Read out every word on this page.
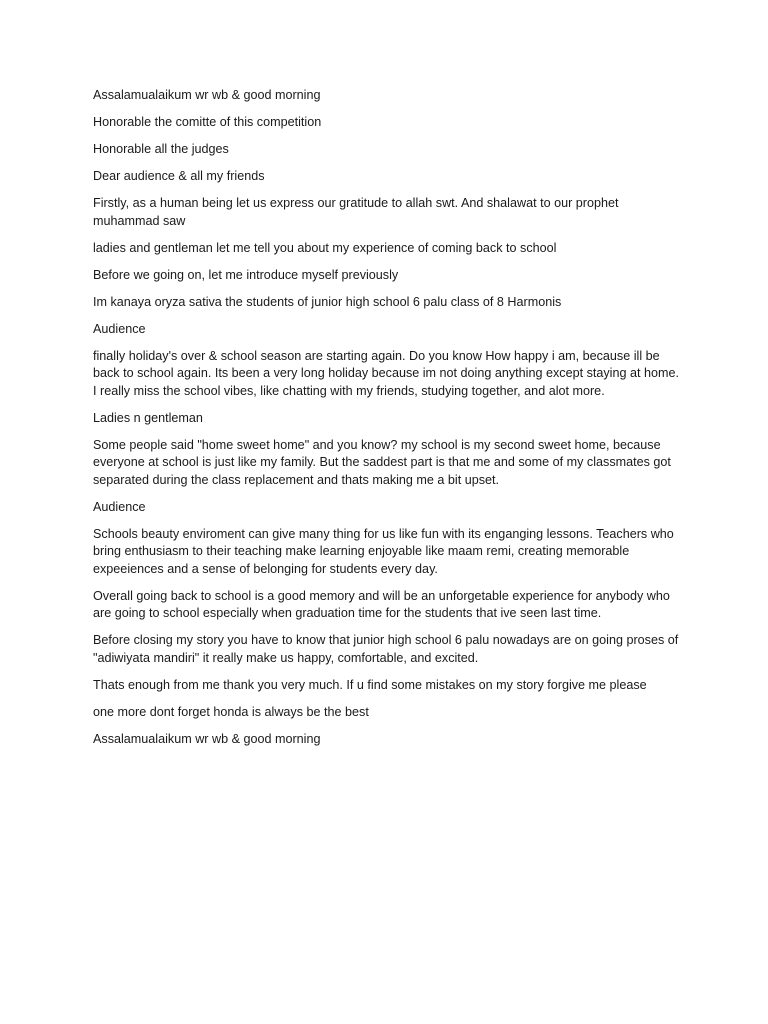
Assalamualaikum wr wb & good morning

Honorable the comitte of this competition

Honorable all the judges

Dear audience & all my friends

Firstly, as a human being let us express our gratitude to allah swt. And shalawat to our prophet muhammad saw

ladies and gentleman let me tell you about my experience of coming back to school

Before we going on, let me introduce myself previously

Im kanaya oryza sativa the students of junior high school 6 palu class of 8 Harmonis

Audience

finally holiday's over & school season are starting again. Do you know How happy i am, because ill be back to school again. Its been a very long holiday because im not doing anything except staying at home. I really miss the school vibes, like chatting with my friends, studying together, and alot more.

Ladies n gentleman

Some people said "home sweet home" and you know? my school is my second sweet home, because everyone at school is just like my family. But the saddest part is that me and some of my classmates got separated during the class replacement and thats making me a bit upset.

Audience

Schools beauty enviroment can give many thing for us like fun with its enganging lessons. Teachers who bring enthusiasm to their teaching make learning enjoyable like maam remi, creating memorable expeeiences and a sense of belonging for students every day.

Overall going back to school is a good memory and will be an unforgetable experience for anybody who are going to school especially when graduation time for the students that ive seen last time.

Before closing my story you have to know that junior high school 6 palu nowadays are on going proses of "adiwiyata mandiri" it really make us happy, comfortable, and excited.

Thats enough from me thank you very much. If u find some mistakes on my story forgive me please

one more dont forget honda is always be the best

Assalamualaikum wr wb & good morning
